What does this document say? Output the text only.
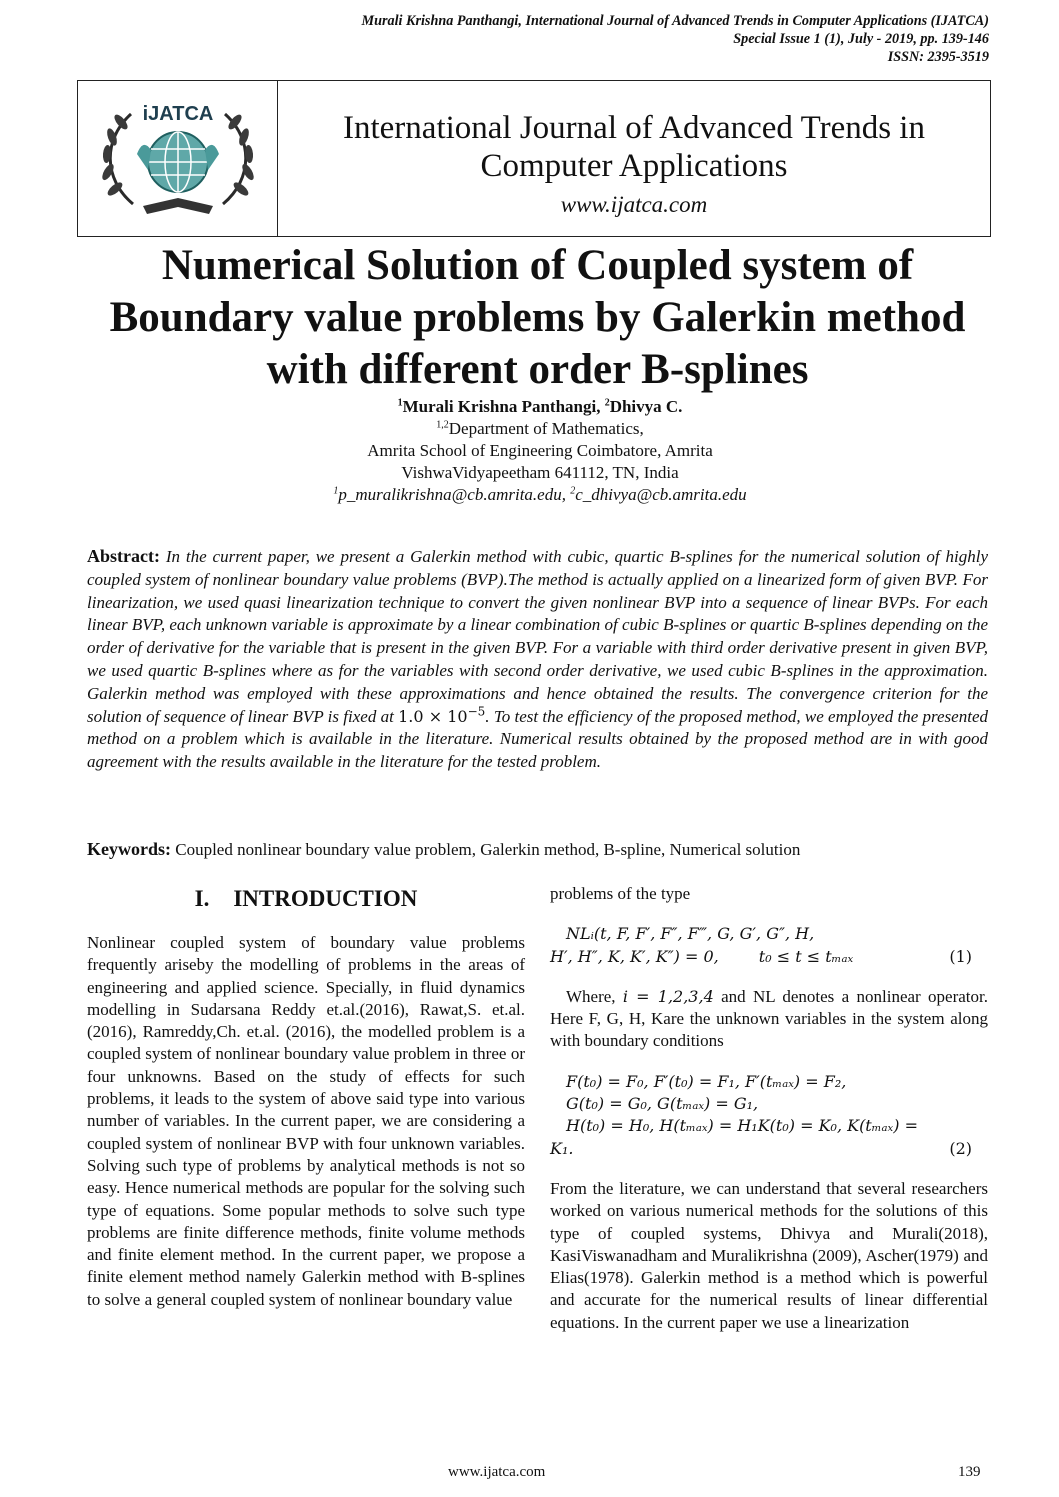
Murali Krishna Panthangi, International Journal of Advanced Trends in Computer Applications (IJATCA)
Special Issue 1 (1), July - 2019, pp. 139-146
ISSN: 2395-3519
iJATCA	International Journal of Advanced Trends in
Computer Applications
www.ijatca.com
Numerical Solution of Coupled system of
Boundary value problems by Galerkin method
with different order B-splines
$^1$Murali Krishna Panthangi, $^2$Dhivya C.
$^{1,2}$Department of Mathematics,
Amrita School of Engineering Coimbatore, Amrita
VishwaVidyapeetham 641112, TN, India
$^1$p_muralikrishna@cb.amrita.edu, $^2$c_dhivya@cb.amrita.edu
Abstract: In the current paper, we present a Galerkin method with cubic, quartic B-splines for the numerical solution of highly coupled system of nonlinear boundary value problems (BVP).The method is actually applied on a linearized form of given BVP. For linearization, we used quasi linearization technique to convert the given nonlinear BVP into a sequence of linear BVPs. For each linear BVP, each unknown variable is approximate by a linear combination of cubic B-splines or quartic B-splines depending on the order of derivative for the variable that is present in the given BVP. For a variable with third order derivative present in given BVP, we used quartic B-splines where as for the variables with second order derivative, we used cubic B-splines in the approximation. Galerkin method was employed with these approximations and hence obtained the results. The convergence criterion for the solution of sequence of linear BVP is fixed at $1.0 \times 10^{-5}$. To test the efficiency of the proposed method, we employed the presented method on a problem which is available in the literature. Numerical results obtained by the proposed method are in with good agreement with the results available in the literature for the tested problem.
Keywords: Coupled nonlinear boundary value problem, Galerkin method, B-spline, Numerical solution
I. INTRODUCTION
Nonlinear coupled system of boundary value problems frequently ariseby the modelling of problems in the areas of engineering and applied science. Specially, in fluid dynamics modelling in Sudarsana Reddy et.al.(2016), Rawat,S. et.al. (2016), Ramreddy,Ch. et.al. (2016), the modelled problem is a coupled system of nonlinear boundary value problem in three or four unknowns. Based on the study of effects for such problems, it leads to the system of above said type into various number of variables. In the current paper, we are considering a coupled system of nonlinear BVP with four unknown variables. Solving such type of problems by analytical methods is not so easy. Hence numerical methods are popular for the solving such type of equations. Some popular methods to solve such type problems are finite difference methods, finite volume methods and finite element method. In the current paper, we propose a finite element method namely Galerkin method with B-splines to solve a general coupled system of nonlinear boundary value
problems of the type
NLᵢ(t, F, F′, F″, F‴, G, G′, G″, H,
H′, H″, K, K′, K″) = 0,	t₀ ≤ t ≤ tₘₐₓ	(1)
Where, i = 1,2,3,4 and NL denotes a nonlinear operator. Here F, G, H, Kare the unknown variables in the system along with boundary conditions
F(t₀) = F₀, F′(t₀) = F₁, F′(tₘₐₓ) = F₂,
G(t₀) = G₀, G(tₘₐₓ) = G₁,
H(t₀) = H₀, H(tₘₐₓ) = H₁K(t₀) = K₀, K(tₘₐₓ) =
K₁.	(2)
From the literature, we can understand that several researchers worked on various numerical methods for the solutions of this type of coupled systems, Dhivya and Murali(2018), KasiViswanadham and Muralikrishna (2009), Ascher(1979) and Elias(1978). Galerkin method is a method which is powerful and accurate for the numerical results of linear differential equations. In the current paper we use a linearization
www.ijatca.com	139
